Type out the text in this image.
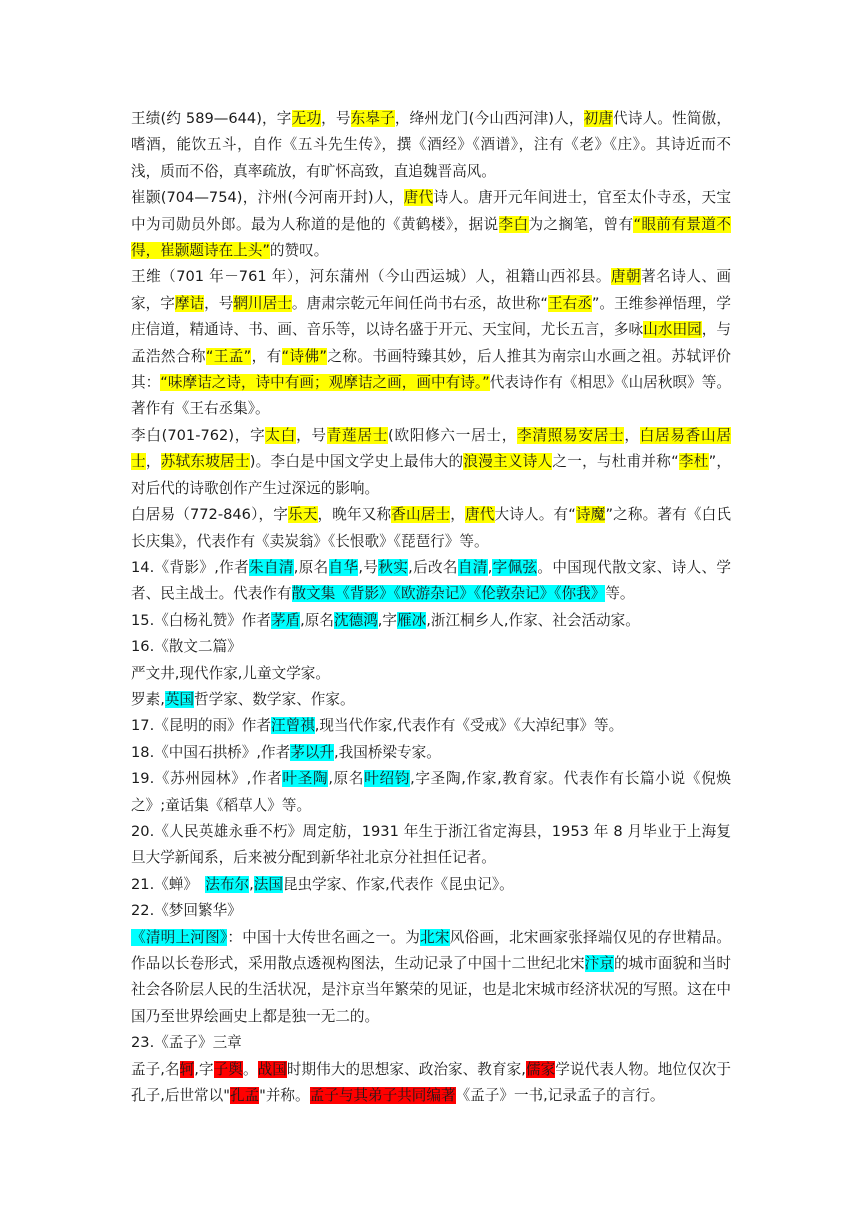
王绩(约 589—644)，字无功，号东皋子，绛州龙门(今山西河津)人，初唐代诗人。性简傲，嗜酒，能饮五斗，自作《五斗先生传》，撰《酒经》《酒谱》，注有《老》《庄》。其诗近而不浅，质而不俗，真率疏放，有旷怀高致，直追魏晋高风。

崔颢(704—754)，汴州(今河南开封)人，唐代诗人。唐开元年间进士，官至太仆寺丞，天宝中为司勋员外郎。最为人称道的是他的《黄鹤楼》，据说李白为之搁笔，曾有“眼前有景道不得，崔颢题诗在上头”的赞叹。

王维（701 年－761 年），河东蒲州（今山西运城）人，祖籍山西祁县。唐朝著名诗人、画家，字摩诘，号辋川居士。唐肃宗乾元年间任尚书右丞，故世称“王右丞”。王维参禅悟理，学庄信道，精通诗、书、画、音乐等，以诗名盛于开元、天宝间，尤长五言，多咏山水田园，与孟浩然合称“王孟”，有“诗佛”之称。书画特臻其妙，后人推其为南宗山水画之祖。苏轼评价其：“味摩诘之诗，诗中有画；观摩诘之画，画中有诗。”代表诗作有《相思》《山居秋暝》等。著作有《王右丞集》。

李白(701-762)，字太白，号青莲居士(欧阳修六一居士，李清照易安居士，白居易香山居士，苏轼东坡居士)。李白是中国文学史上最伟大的浪漫主义诗人之一，与杜甫并称“李杜”，对后代的诗歌创作产生过深远的影响。

白居易（772-846），字乐天，晚年又称香山居士，唐代大诗人。有“诗魔”之称。著有《白氏长庆集》，代表作有《卖炭翁》《长恨歌》《琵琶行》等。

14.《背影》,作者朱自清,原名自华,号秋实,后改名自清,字佩弦。中国现代散文家、诗人、学者、民主战士。代表作有散文集《背影》《欧游杂记》《伦敦杂记》《你我》等。

15.《白杨礼赞》作者茅盾,原名沈德鸿,字雁冰,浙江桐乡人,作家、社会活动家。

16.《散文二篇》

严文井,现代作家,儿童文学家。

罗素,英国哲学家、数学家、作家。

17.《昆明的雨》作者汪曾祺,现当代作家,代表作有《受戒》《大淖纪事》等。

18.《中国石拱桥》,作者茅以升,我国桥梁专家。

19.《苏州园林》,作者叶圣陶,原名叶绍钧,字圣陶,作家,教育家。代表作有长篇小说《倪焕之》;童话集《稻草人》等。

20.《人民英雄永垂不朽》周定舫，1931 年生于浙江省定海县，1953 年 8 月毕业于上海复旦大学新闻系，后来被分配到新华社北京分社担任记者。

21.《蝉》　法布尔,法国昆虫学家、作家,代表作《昆虫记》。

22.《梦回繁华》

《清明上河图》：中国十大传世名画之一。为北宋风俗画，北宋画家张择端仅见的存世精品。作品以长卷形式，采用散点透视构图法，生动记录了中国十二世纪北宋汴京的城市面貌和当时社会各阶层人民的生活状况，是汴京当年繁荣的见证，也是北宋城市经济状况的写照。这在中国乃至世界绘画史上都是独一无二的。

23.《孟子》三章

孟子,名轲,字子舆。战国时期伟大的思想家、政治家、教育家,儒家学说代表人物。地位仅次于孔子,后世常以"孔孟"并称。孟子与其弟子共同编著《孟子》一书,记录孟子的言行。
